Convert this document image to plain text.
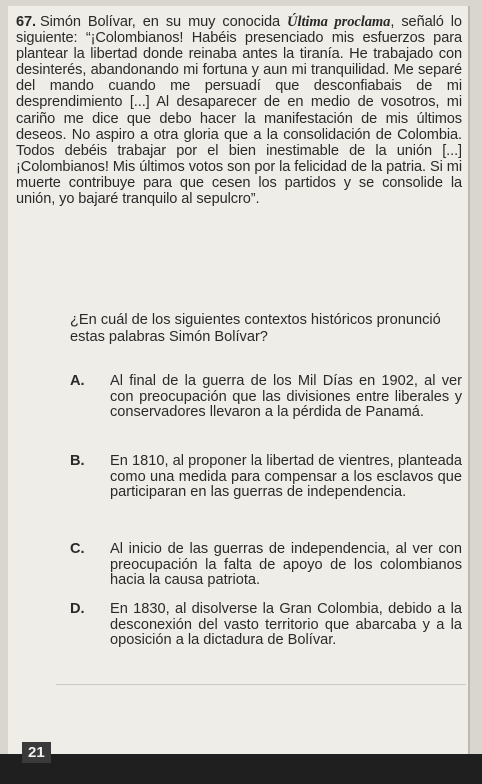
67. Simón Bolívar, en su muy conocida Última proclama, señaló lo siguiente: “¡Colombianos! Habéis presenciado mis esfuerzos para plantear la libertad donde reinaba antes la tiranía. He trabajado con desinterés, abandonando mi fortuna y aun mi tranquilidad. Me separé del mando cuando me persuadí que desconfiabais de mi desprendimiento [...] Al desaparecer de en medio de vosotros, mi cariño me dice que debo hacer la manifestación de mis últimos deseos. No aspiro a otra gloria que a la consolidación de Colombia. Todos debéis trabajar por el bien inestimable de la unión [...] ¡Colombianos! Mis últimos votos son por la felicidad de la patria. Si mi muerte contribuye para que cesen los partidos y se consolide la unión, yo bajaré tranquilo al sepulcro”.
¿En cuál de los siguientes contextos históricos pronunció estas palabras Simón Bolívar?
A. Al final de la guerra de los Mil Días en 1902, al ver con preocupación que las divisiones entre liberales y conservadores llevaron a la pérdida de Panamá.
B. En 1810, al proponer la libertad de vientres, planteada como una medida para compensar a los esclavos que participaran en las guerras de independencia.
C. Al inicio de las guerras de independencia, al ver con preocupación la falta de apoyo de los colombianos hacia la causa patriota.
D. En 1830, al disolverse la Gran Colombia, debido a la desconexión del vasto territorio que abarcaba y a la oposición a la dictadura de Bolívar.
21
